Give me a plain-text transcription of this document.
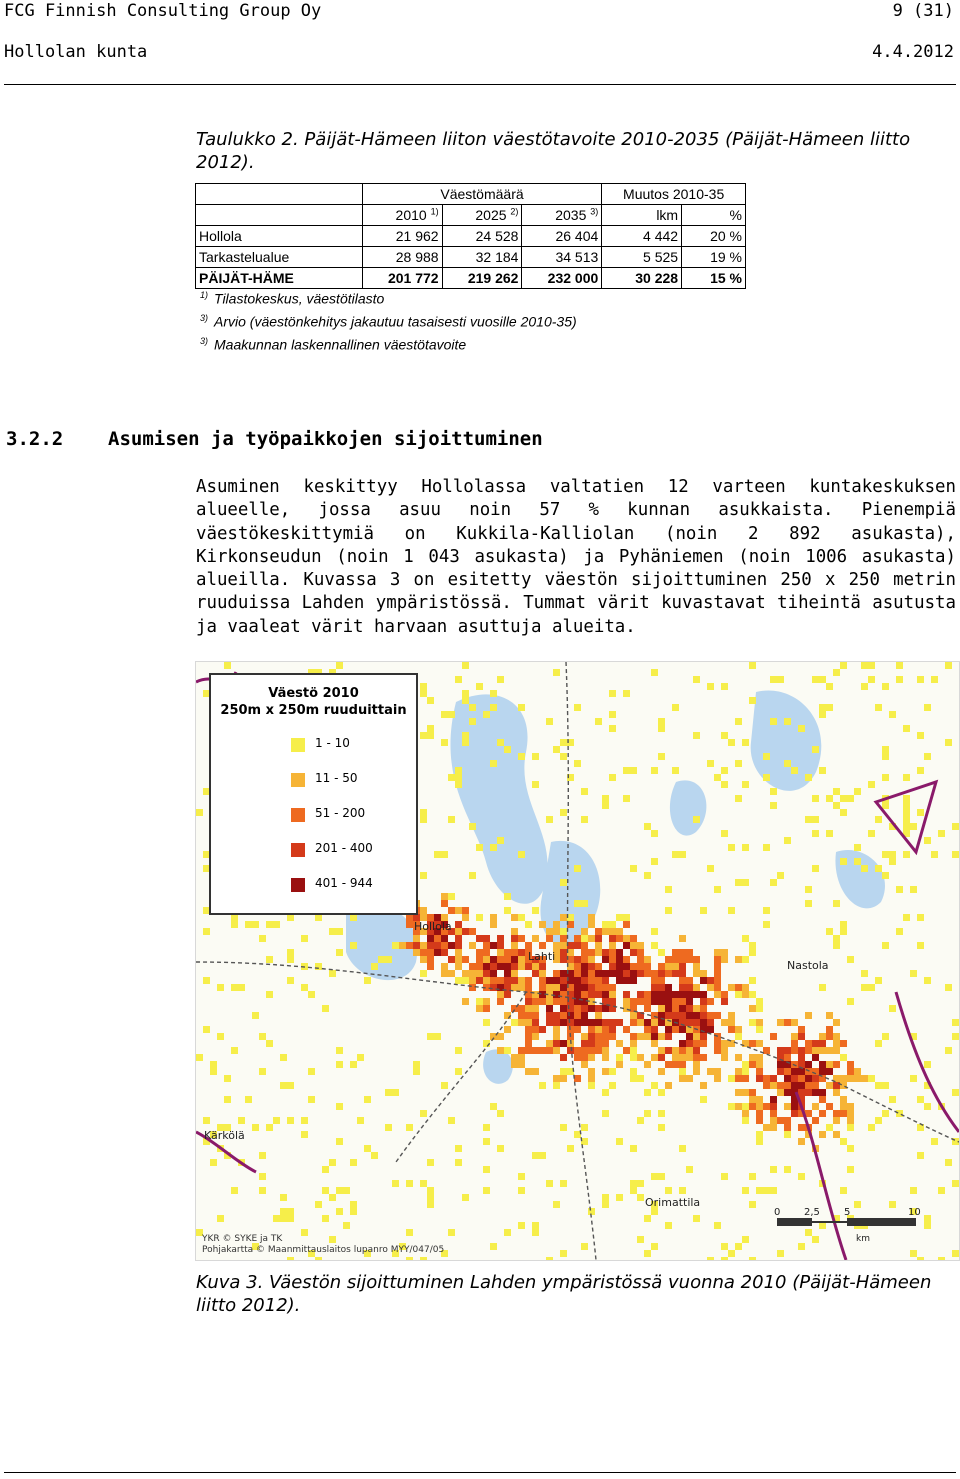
FCG Finnish Consulting Group Oy	9 (31)
Hollolan kunta	4.4.2012
Taulukko 2. Päijät-Hämeen liiton väestötavoite 2010-2035 (Päijät-Hämeen liitto 2012).
	Väestömäärä			Muutos 2010-35	
	2010 $^{1)}$	2025 $^{2)}$	2035 $^{3)}$	lkm	%
Hollola	21 962	24 528	26 404	4 442	20 %
Tarkastelualue	28 988	32 184	34 513	5 525	19 %
PÄIJÄT-HÄME	201 772	219 262	232 000	30 228	15 %
$^{1)}$ Tilastokeskus, väestötilasto
$^{3)}$ Arvio (väestönkehitys jakautuu tasaisesti vuosille 2010-35)
$^{3)}$ Maakunnan laskennallinen väestötavoite
3.2.2 Asumisen ja työpaikkojen sijoittuminen

Asuminen keskittyy Hollolassa valtatien 12 varteen kuntakeskuksen alueelle, jossa asuu noin 57 % kunnan asukkaista. Pienempiä väestökeskittymiä on Kukkila-Kalliolan (noin 2 892 asukasta), Kirkonseudun (noin 1 043 asukasta) ja Pyhäniemen (noin 1006 asukasta) alueilla. Kuvassa 3 on esitetty väestön sijoittuminen 250 x 250 metrin ruuduissa Lahden ympäristössä. Tummat värit kuvastavat tiheintä asutusta ja vaaleat värit harvaan asuttuja alueita.

Hollola
Lahti
Nastola
Kärkölä
Orimattila
0 2,5 5	10
km
Väestö 2010
250m x 250m ruuduittain
1 - 10
11 - 50
51 - 200
201 - 400
401 - 944
YKR © SYKE ja TK
Pohjakartta © Maanmittauslaitos lupanro MYY/047/05
Kuva 3. Väestön sijoittuminen Lahden ympäristössä vuonna 2010 (Päijät-Hämeen liitto 2012).
